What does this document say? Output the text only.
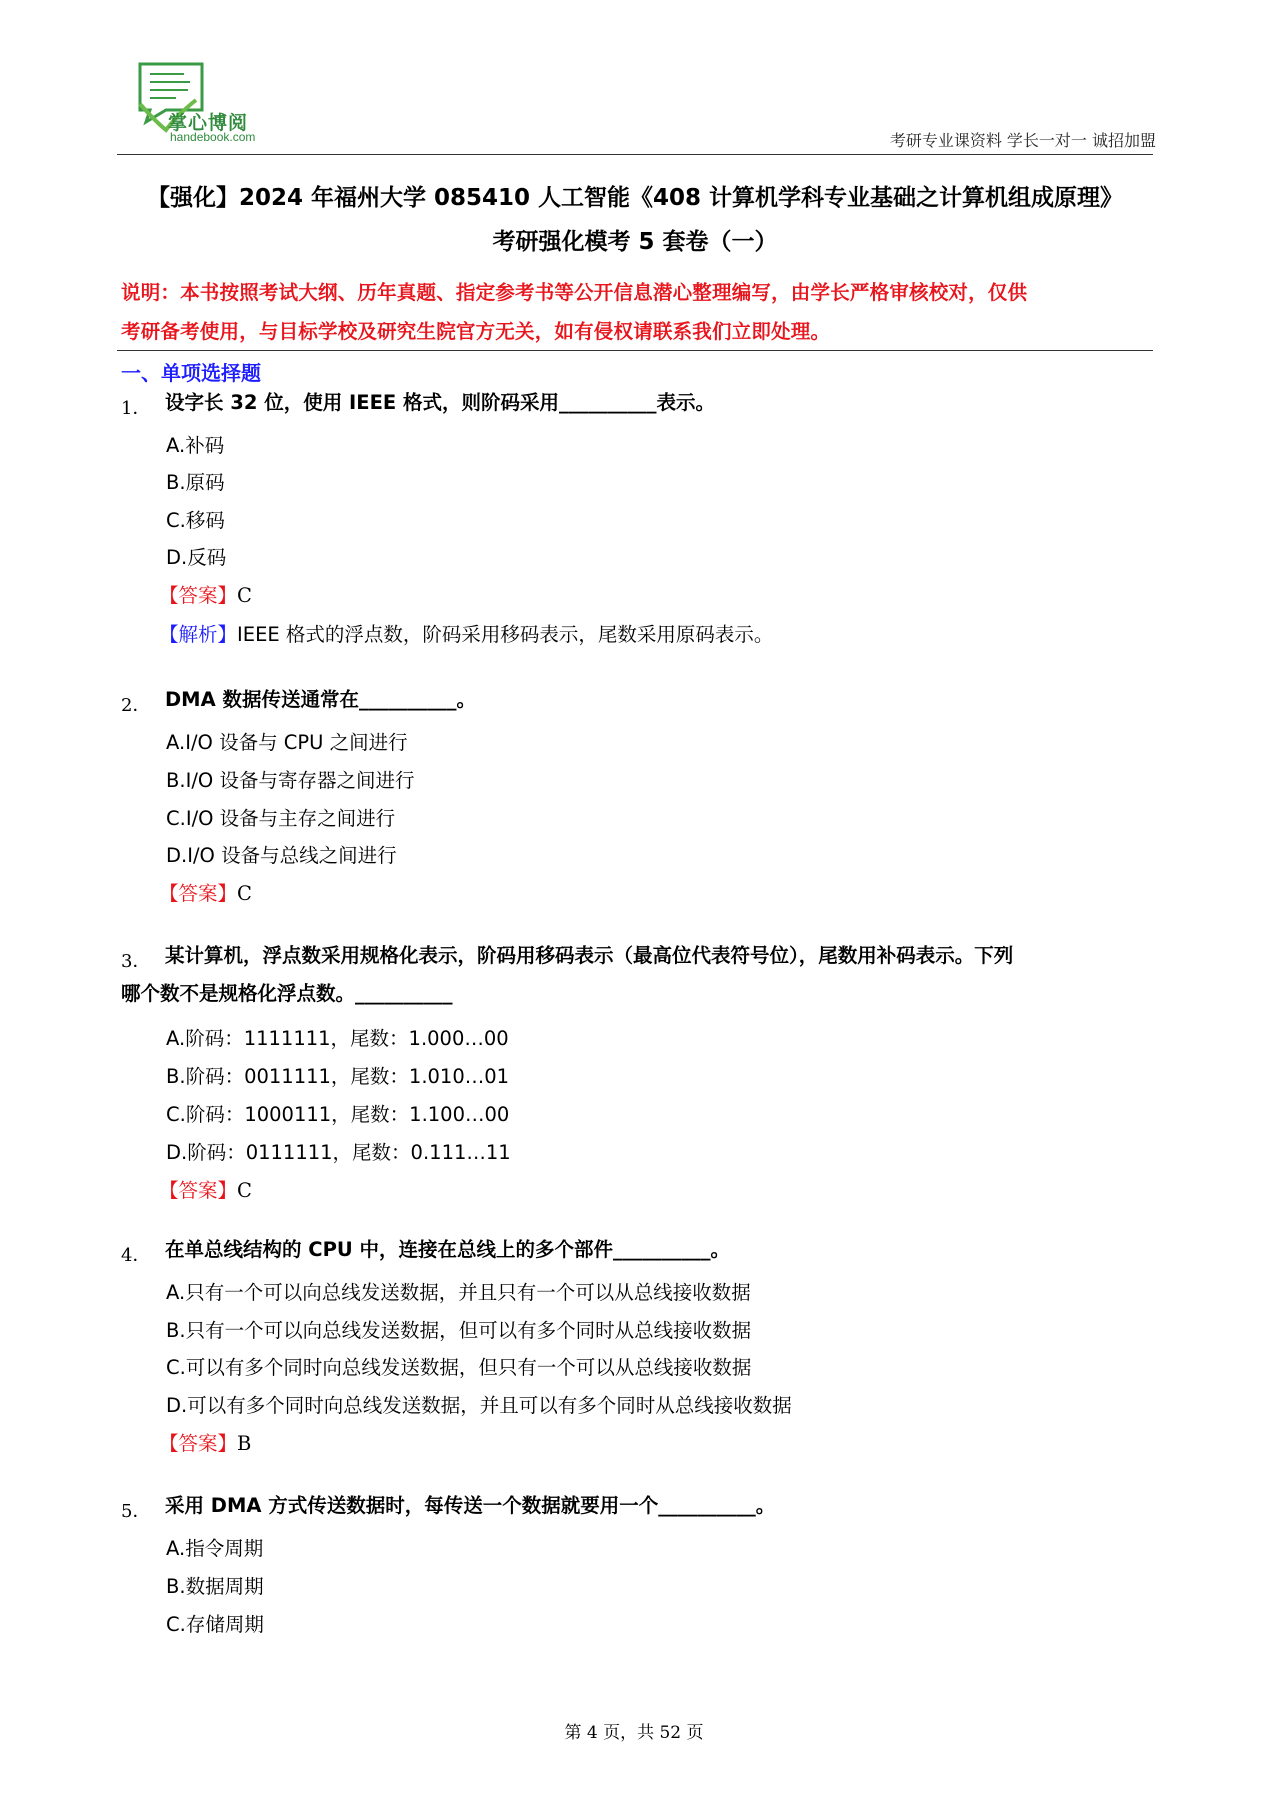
掌心博阅
handebook.com	考研专业课资料 学长一对一 诚招加盟
【强化】2024 年福州大学 085410 人工智能《408 计算机学科专业基础之计算机组成原理》
考研强化模考 5 套卷（一）
说明：本书按照考试大纲、历年真题、指定参考书等公开信息潜心整理编写，由学长严格审核校对，仅供
考研备考使用，与目标学校及研究生院官方无关，如有侵权请联系我们立即处理。
一、单项选择题
1． 设字长 32 位，使用 IEEE 格式，则阶码采用__________表示。
A.补码
B.原码
C.移码
D.反码
【答案】C
【解析】IEEE 格式的浮点数，阶码采用移码表示，尾数采用原码表示。
2． DMA 数据传送通常在__________。
A.I/O 设备与 CPU 之间进行
B.I/O 设备与寄存器之间进行
C.I/O 设备与主存之间进行
D.I/O 设备与总线之间进行
【答案】C
3． 某计算机，浮点数采用规格化表示，阶码用移码表示（最高位代表符号位），尾数用补码表示。下列
哪个数不是规格化浮点数。__________
A.阶码：1111111，尾数：1.000…00
B.阶码：0011111，尾数：1.010…01
C.阶码：1000111，尾数：1.100…00
D.阶码：0111111，尾数：0.111…11
【答案】C
4． 在单总线结构的 CPU 中，连接在总线上的多个部件__________。
A.只有一个可以向总线发送数据，并且只有一个可以从总线接收数据
B.只有一个可以向总线发送数据，但可以有多个同时从总线接收数据
C.可以有多个同时向总线发送数据，但只有一个可以从总线接收数据
D.可以有多个同时向总线发送数据，并且可以有多个同时从总线接收数据
【答案】B
5． 采用 DMA 方式传送数据时，每传送一个数据就要用一个__________。
A.指令周期
B.数据周期
C.存储周期
第 4 页，共 52 页
